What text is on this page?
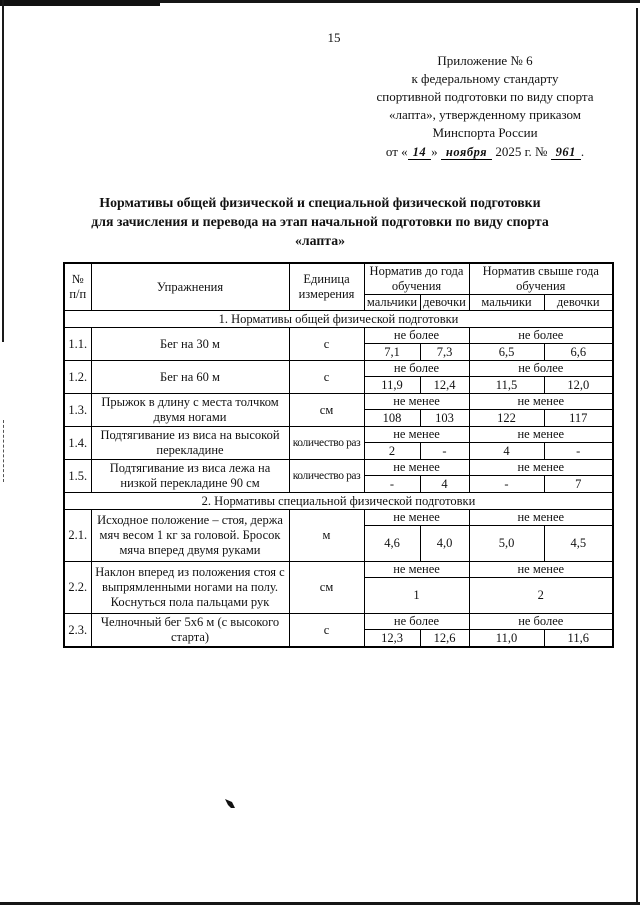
15
Приложение № 6
к федеральному стандарту
спортивной подготовки по виду спорта
«лапта», утвержденному приказом
Минспорта России
от « 14 » ноября 2025 г. № 961 .
Нормативы общей физической и специальной физической подготовки
для зачисления и перевода на этап начальной подготовки по виду спорта
«лапта»
№ п/п	Упражнения	Единица измерения	Норматив до года обучения		Норматив свыше года обучения	
			мальчики	девочки	мальчики	девочки
1. Нормативы общей физической подготовки						
1.1.	Бег на 30 м	с	не более		не более	
			7,1	7,3	6,5	6,6
1.2.	Бег на 60 м	с	не более		не более	
			11,9	12,4	11,5	12,0
1.3.	Прыжок в длину с места толчком двумя ногами	см	не менее		не менее	
			108	103	122	117
1.4.	Подтягивание из виса на высокой перекладине	количество раз	не менее		не менее	
			2	-	4	-
1.5.	Подтягивание из виса лежа на низкой перекладине 90 см	количество раз	не менее		не менее	
			-	4	-	7
2. Нормативы специальной физической подготовки						
2.1.	Исходное положение – стоя, держа мяч весом 1 кг за головой. Бросок мяча вперед двумя руками	м	не менее		не менее	
			4,6	4,0	5,0	4,5
2.2.	Наклон вперед из положения стоя с выпрямленными ногами на полу. Коснуться пола пальцами рук	см	не менее		не менее	
			1		2	
2.3.	Челночный бег 5х6 м (с высокого старта)	с	не более		не более	
			12,3	12,6	11,0	11,6
